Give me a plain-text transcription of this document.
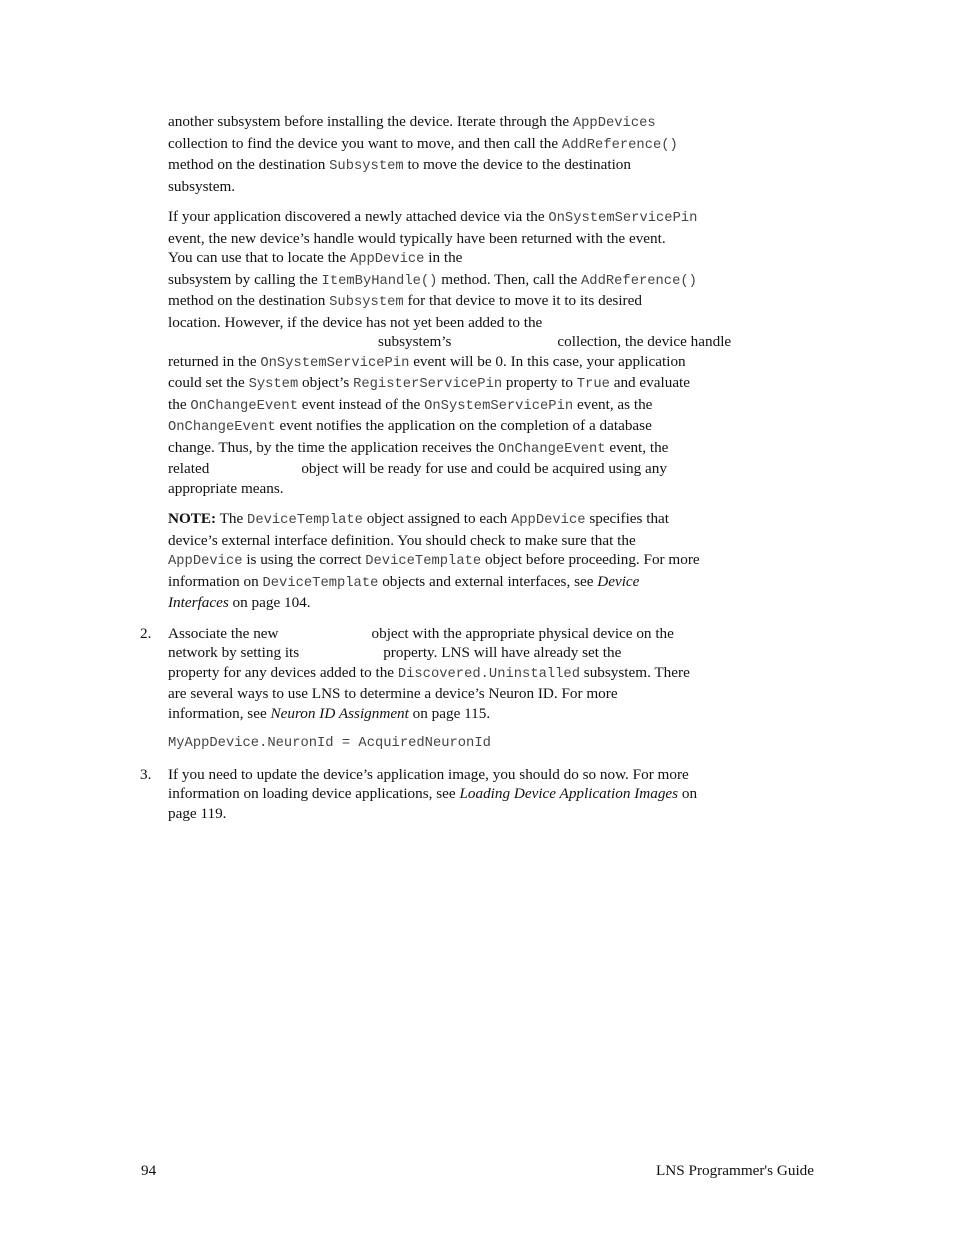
another subsystem before installing the device. Iterate through the AppDevices
collection to find the device you want to move, and then call the AddReference()
method on the destination Subsystem to move the device to the destination
subsystem.
If your application discovered a newly attached device via the OnSystemServicePin
event, the new device’s handle would typically have been returned with the event.
You can use that to locate the AppDevice in the
subsystem by calling the ItemByHandle() method. Then, call the AddReference()
method on the destination Subsystem for that device to move it to its desired
location. However, if the device has not yet been added to the
subsystem’s	collection, the device handle
returned in the OnSystemServicePin event will be 0. In this case, your application
could set the System object’s RegisterServicePin property to True and evaluate
the OnChangeEvent event instead of the OnSystemServicePin event, as the
OnChangeEvent event notifies the application on the completion of a database
change. Thus, by the time the application receives the OnChangeEvent event, the
related	object will be ready for use and could be acquired using any
appropriate means.
NOTE: The DeviceTemplate object assigned to each AppDevice specifies that
device’s external interface definition. You should check to make sure that the
AppDevice is using the correct DeviceTemplate object before proceeding. For more
information on DeviceTemplate objects and external interfaces, see Device
Interfaces on page 104.
2. Associate the new	object with the appropriate physical device on the
network by setting its	property. LNS will have already set the
property for any devices added to the Discovered.Uninstalled subsystem. There
are several ways to use LNS to determine a device’s Neuron ID. For more
information, see Neuron ID Assignment on page 115.
MyAppDevice.NeuronId = AcquiredNeuronId
3. If you need to update the device’s application image, you should do so now. For more
information on loading device applications, see Loading Device Application Images on
page 119.
94	LNS Programmer's Guide
